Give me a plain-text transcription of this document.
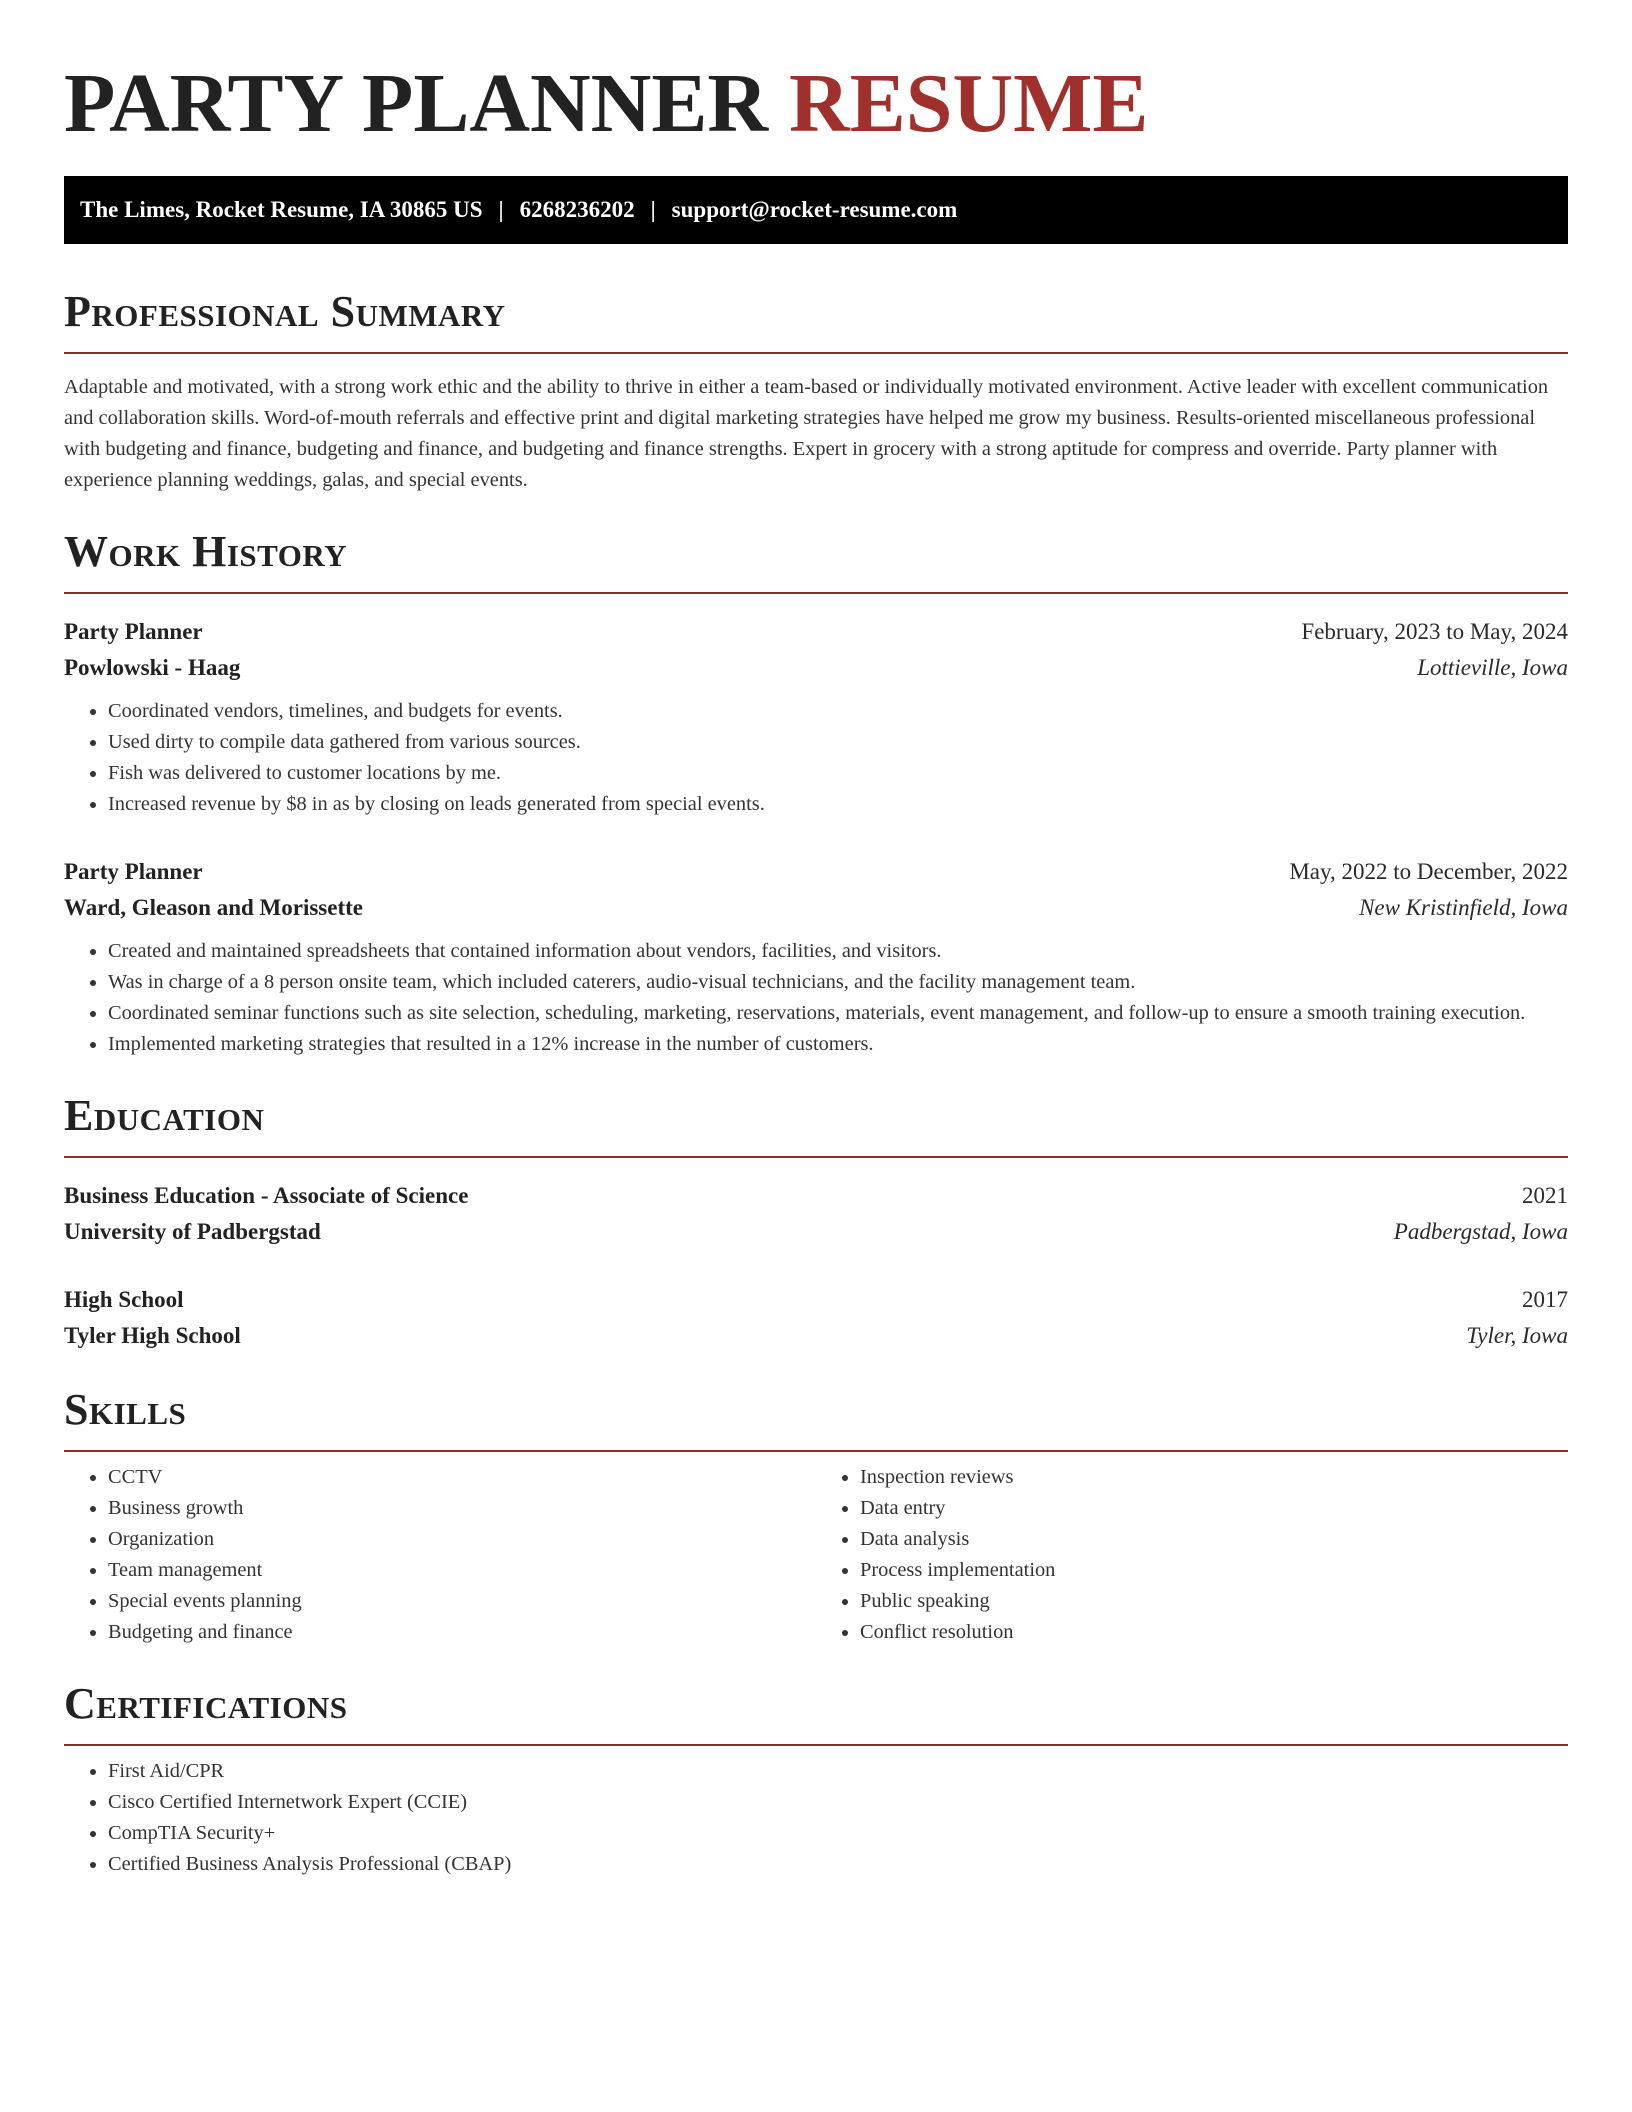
PARTY PLANNER RESUME
The Limes, Rocket Resume, IA 30865 US | 6268236202 | support@rocket-resume.com
Professional Summary

Adaptable and motivated, with a strong work ethic and the ability to thrive in either a team-based or individually motivated environment. Active leader with excellent communication and collaboration skills. Word-of-mouth referrals and effective print and digital marketing strategies have helped me grow my business. Results-oriented miscellaneous professional with budgeting and finance, budgeting and finance, and budgeting and finance strengths. Expert in grocery with a strong aptitude for compress and override. Party planner with experience planning weddings, galas, and special events.

Work History
Party Planner	February, 2023 to May, 2024
Powlowski - Haag	Lottieville, Iowa
• Coordinated vendors, timelines, and budgets for events.
• Used dirty to compile data gathered from various sources.
• Fish was delivered to customer locations by me.
• Increased revenue by $8 in as by closing on leads generated from special events.
Party Planner	May, 2022 to December, 2022
Ward, Gleason and Morissette	New Kristinfield, Iowa
• Created and maintained spreadsheets that contained information about vendors, facilities, and visitors.
• Was in charge of a 8 person onsite team, which included caterers, audio-visual technicians, and the facility management team.
• Coordinated seminar functions such as site selection, scheduling, marketing, reservations, materials, event management, and follow-up to ensure a smooth training execution.
• Implemented marketing strategies that resulted in a 12% increase in the number of customers.
Education
Business Education - Associate of Science	2021
University of Padbergstad	Padbergstad, Iowa
High School	2017
Tyler High School	Tyler, Iowa
Skills
• CCTV
• Business growth
• Organization
• Team management
• Special events planning
• Budgeting and finance
• Inspection reviews
• Data entry
• Data analysis
• Process implementation
• Public speaking
• Conflict resolution
Certifications
• First Aid/CPR
• Cisco Certified Internetwork Expert (CCIE)
• CompTIA Security+
• Certified Business Analysis Professional (CBAP)
